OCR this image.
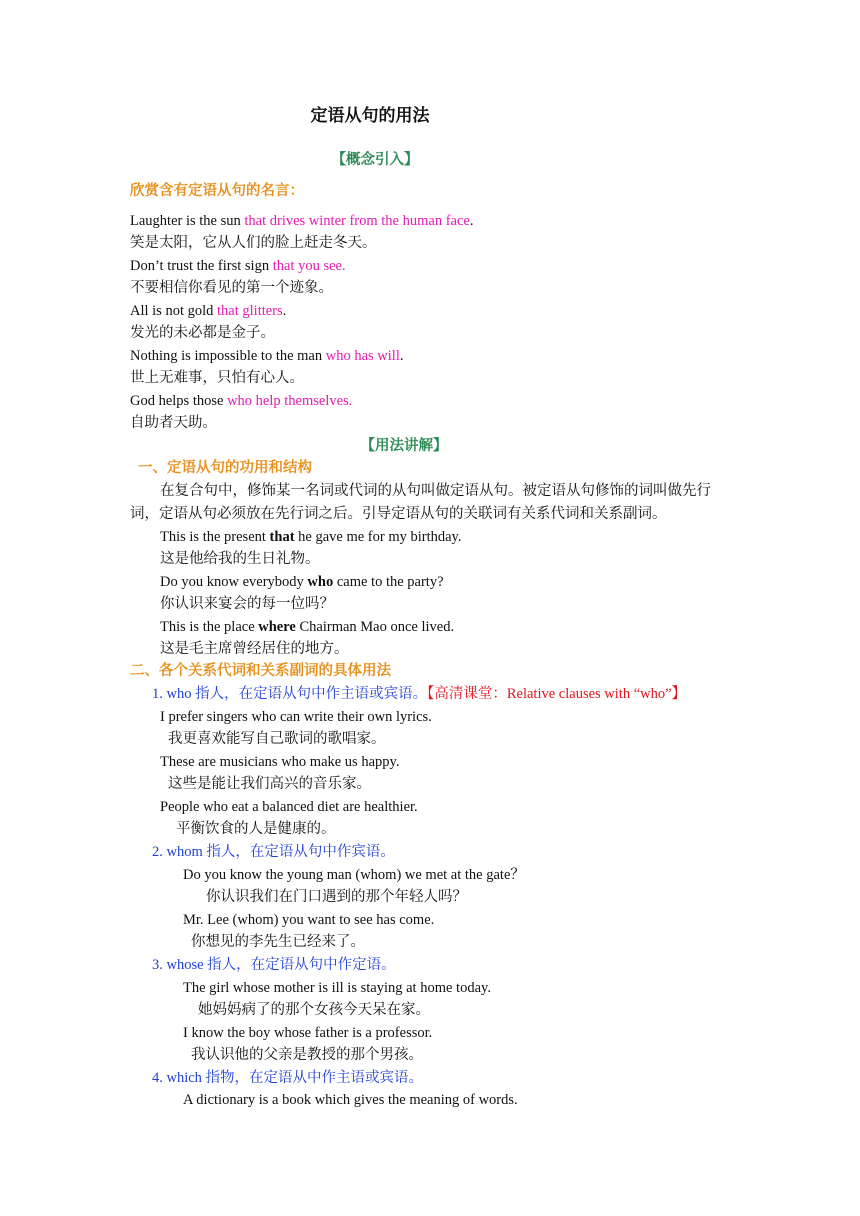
定语从句的用法
【概念引入】
欣赏含有定语从句的名言：
Laughter is the sun that drives winter from the human face.
笑是太阳，它从人们的脸上赶走冬天。
Don’t trust the first sign that you see.
不要相信你看见的第一个迹象。
All is not gold that glitters.
发光的未必都是金子。
Nothing is impossible to the man who has will.
世上无难事，只怕有心人。
God helps those who help themselves.
自助者天助。
【用法讲解】
一、定语从句的功用和结构
在复合句中，修饰某一名词或代词的从句叫做定语从句。被定语从句修饰的词叫做先行词，定语从句必须放在先行词之后。引导定语从句的关联词有关系代词和关系副词。
This is the present that he gave me for my birthday.
这是他给我的生日礼物。
Do you know everybody who came to the party?
你认识来宴会的每一位吗？
This is the place where Chairman Mao once lived.
这是毛主席曾经居住的地方。
二、各个关系代词和关系副词的具体用法
1. who 指人，在定语从句中作主语或宾语。【高清课堂：Relative clauses with “who”】
I prefer singers who can write their own lyrics.
我更喜欢能写自己歌词的歌唱家。
These are musicians who make us happy.
这些是能让我们高兴的音乐家。
People who eat a balanced diet are healthier.
平衡饮食的人是健康的。
2. whom 指人，在定语从句中作宾语。
Do you know the young man (whom) we met at the gate？
你认识我们在门口遇到的那个年轻人吗？
Mr. Lee (whom) you want to see has come.
你想见的李先生已经来了。
3. whose 指人，在定语从句中作定语。
The girl whose mother is ill is staying at home today.
她妈妈病了的那个女孩今天呆在家。
I know the boy whose father is a professor.
我认识他的父亲是教授的那个男孩。
4. which 指物，在定语从中作主语或宾语。
A dictionary is a book which gives the meaning of words.
